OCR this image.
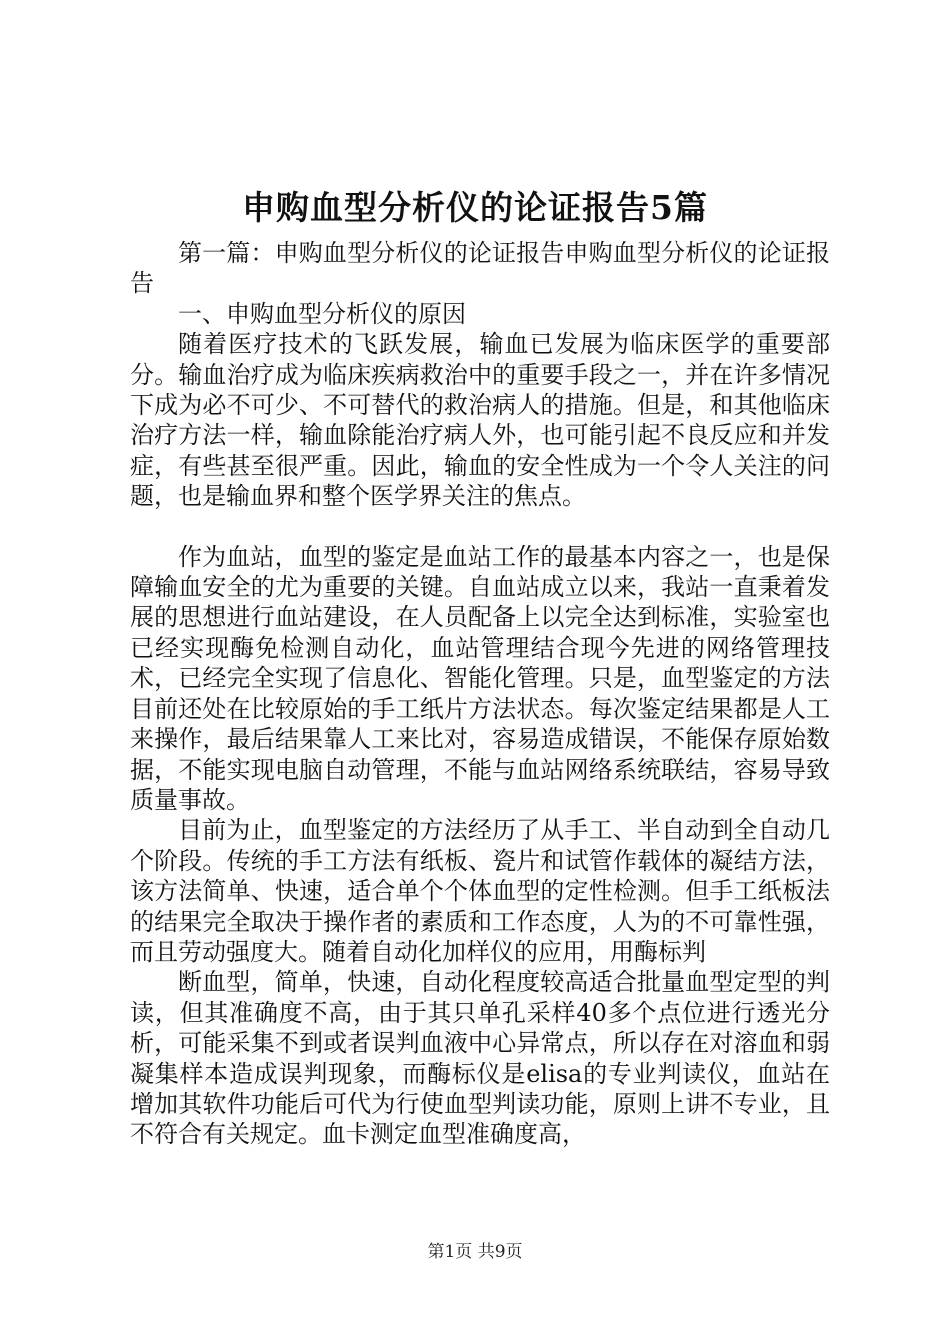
申购血型分析仪的论证报告5篇

第一篇：申购血型分析仪的论证报告申购血型分析仪的论证报告

一、申购血型分析仪的原因

随着医疗技术的飞跃发展，输血已发展为临床医学的重要部分。输血治疗成为临床疾病救治中的重要手段之一，并在许多情况下成为必不可少、不可替代的救治病人的措施。但是，和其他临床治疗方法一样，输血除能治疗病人外，也可能引起不良反应和并发症，有些甚至很严重。因此，输血的安全性成为一个令人关注的问题，也是输血界和整个医学界关注的焦点。

作为血站，血型的鉴定是血站工作的最基本内容之一，也是保障输血安全的尤为重要的关键。自血站成立以来，我站一直秉着发展的思想进行血站建设，在人员配备上以完全达到标准，实验室也已经实现酶免检测自动化，血站管理结合现今先进的网络管理技术，已经完全实现了信息化、智能化管理。只是，血型鉴定的方法目前还处在比较原始的手工纸片方法状态。每次鉴定结果都是人工来操作，最后结果靠人工来比对，容易造成错误，不能保存原始数据，不能实现电脑自动管理，不能与血站网络系统联结，容易导致质量事故。

目前为止，血型鉴定的方法经历了从手工、半自动到全自动几个阶段。传统的手工方法有纸板、瓷片和试管作载体的凝结方法，该方法简单、快速，适合单个个体血型的定性检测。但手工纸板法的结果完全取决于操作者的素质和工作态度，人为的不可靠性强，而且劳动强度大。随着自动化加样仪的应用，用酶标判

断血型，简单，快速，自动化程度较高适合批量血型定型的判读，但其准确度不高，由于其只单孔采样40多个点位进行透光分析，可能采集不到或者误判血液中心异常点，所以存在对溶血和弱凝集样本造成误判现象，而酶标仪是elisa的专业判读仪，血站在增加其软件功能后可代为行使血型判读功能，原则上讲不专业，且不符合有关规定。血卡测定血型准确度高，

第1页 共9页
